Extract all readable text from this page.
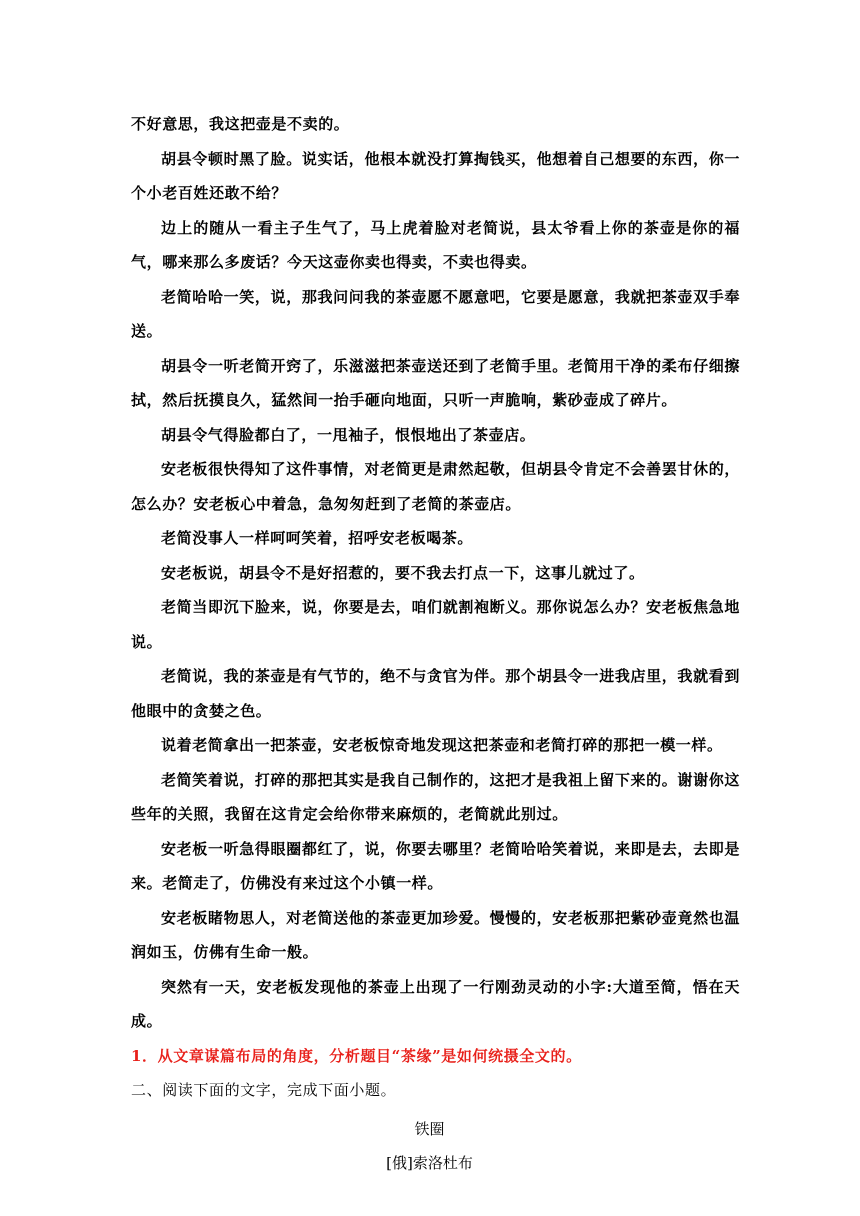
不好意思，我这把壶是不卖的。

胡县令顿时黑了脸。说实话，他根本就没打算掏钱买，他想着自己想要的东西，你一个小老百姓还敢不给？

边上的随从一看主子生气了，马上虎着脸对老简说，县太爷看上你的茶壶是你的福气，哪来那么多废话？今天这壶你卖也得卖，不卖也得卖。

老简哈哈一笑，说，那我问问我的茶壶愿不愿意吧，它要是愿意，我就把茶壶双手奉送。

胡县令一听老简开窍了，乐滋滋把茶壶送还到了老简手里。老简用干净的柔布仔细擦拭，然后抚摸良久，猛然间一抬手砸向地面，只听一声脆响，紫砂壶成了碎片。

胡县令气得脸都白了，一甩袖子，恨恨地出了茶壶店。

安老板很快得知了这件事情，对老简更是肃然起敬，但胡县令肯定不会善罢甘休的，怎么办？安老板心中着急，急匆匆赶到了老简的茶壶店。

老简没事人一样呵呵笑着，招呼安老板喝茶。

安老板说，胡县令不是好招惹的，要不我去打点一下，这事儿就过了。

老简当即沉下脸来，说，你要是去，咱们就割袍断义。那你说怎么办？安老板焦急地说。

老简说，我的茶壶是有气节的，绝不与贪官为伴。那个胡县令一进我店里，我就看到他眼中的贪婪之色。

说着老简拿出一把茶壶，安老板惊奇地发现这把茶壶和老简打碎的那把一模一样。

老简笑着说，打碎的那把其实是我自己制作的，这把才是我祖上留下来的。谢谢你这些年的关照，我留在这肯定会给你带来麻烦的，老简就此别过。

安老板一听急得眼圈都红了，说，你要去哪里？老简哈哈笑着说，来即是去，去即是来。老简走了，仿佛没有来过这个小镇一样。

安老板睹物思人，对老简送他的茶壶更加珍爱。慢慢的，安老板那把紫砂壶竟然也温润如玉，仿佛有生命一般。

突然有一天，安老板发现他的茶壶上出现了一行刚劲灵动的小字:大道至简，悟在天成。

1．从文章谋篇布局的角度，分析题目“茶缘”是如何统摄全文的。

二、阅读下面的文字，完成下面小题。

铁圈

[俄]索洛杜布
